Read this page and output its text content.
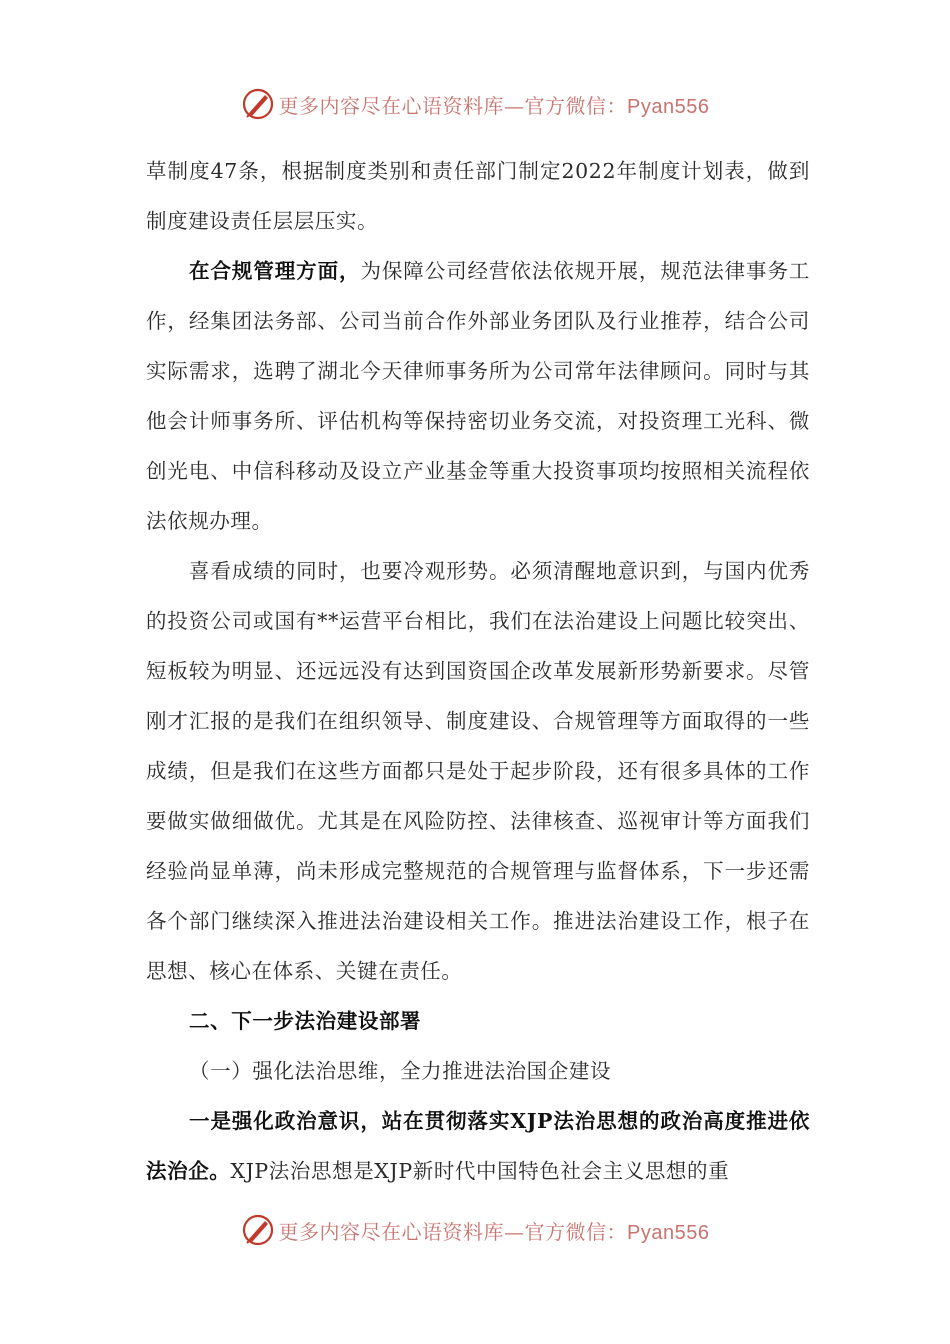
更多内容尽在心语资料库—官方微信：Pyan556

草制度47条，根据制度类别和责任部门制定2022年制度计划表，做到制度建设责任层层压实。

在合规管理方面，为保障公司经营依法依规开展，规范法律事务工作，经集团法务部、公司当前合作外部业务团队及行业推荐，结合公司实际需求，选聘了湖北今天律师事务所为公司常年法律顾问。同时与其他会计师事务所、评估机构等保持密切业务交流，对投资理工光科、微创光电、中信科移动及设立产业基金等重大投资事项均按照相关流程依法依规办理。

喜看成绩的同时，也要冷观形势。必须清醒地意识到，与国内优秀的投资公司或国有**运营平台相比，我们在法治建设上问题比较突出、短板较为明显、还远远没有达到国资国企改革发展新形势新要求。尽管刚才汇报的是我们在组织领导、制度建设、合规管理等方面取得的一些成绩，但是我们在这些方面都只是处于起步阶段，还有很多具体的工作要做实做细做优。尤其是在风险防控、法律核查、巡视审计等方面我们经验尚显单薄，尚未形成完整规范的合规管理与监督体系，下一步还需各个部门继续深入推进法治建设相关工作。推进法治建设工作，根子在思想、核心在体系、关键在责任。

二、下一步法治建设部署

（一）强化法治思维，全力推进法治国企建设

一是强化政治意识，站在贯彻落实XJP法治思想的政治高度推进依法治企。XJP法治思想是XJP新时代中国特色社会主义思想的重

更多内容尽在心语资料库—官方微信：Pyan556
